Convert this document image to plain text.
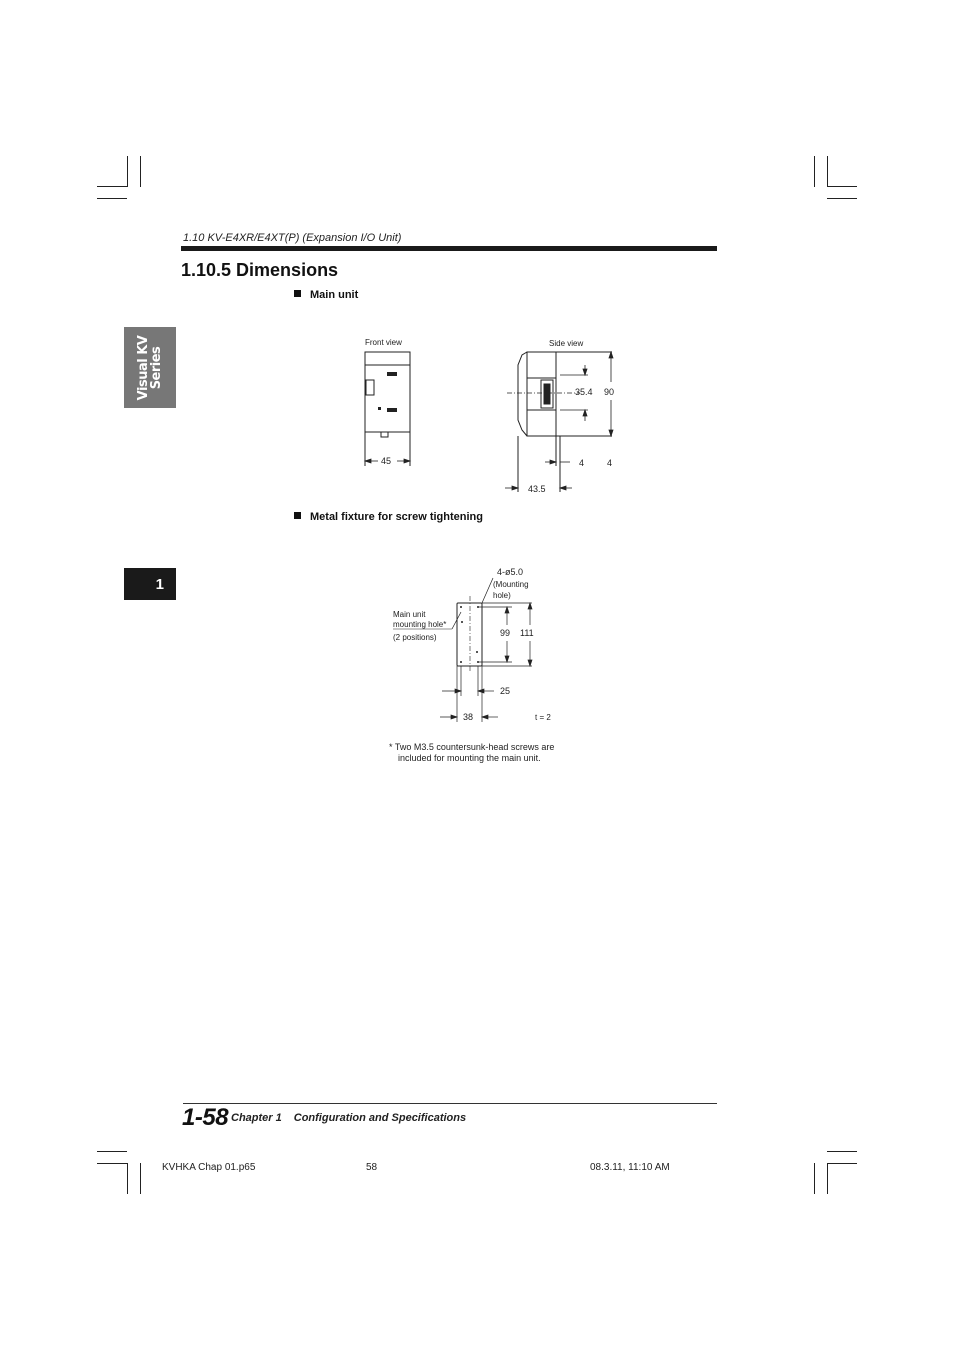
1.10 KV-E4XR/E4XT(P) (Expansion I/O Unit)
1.10.5 Dimensions
Visual KV
Series
1
Main unit
Front view
45
Side view
35.4 90
4	4
43.5
Metal fixture for screw tightening
4-ø5.0
(Mounting
hole)
Main unit
mounting hole*
(2 positions)	99 111
25
38	t = 2
* Two M3.5 countersunk-head screws are
included for mounting the main unit.
1-58 Chapter 1 Configuration and Specifications
KVHKA Chap 01.p65	58	08.3.11, 11:10 AM
